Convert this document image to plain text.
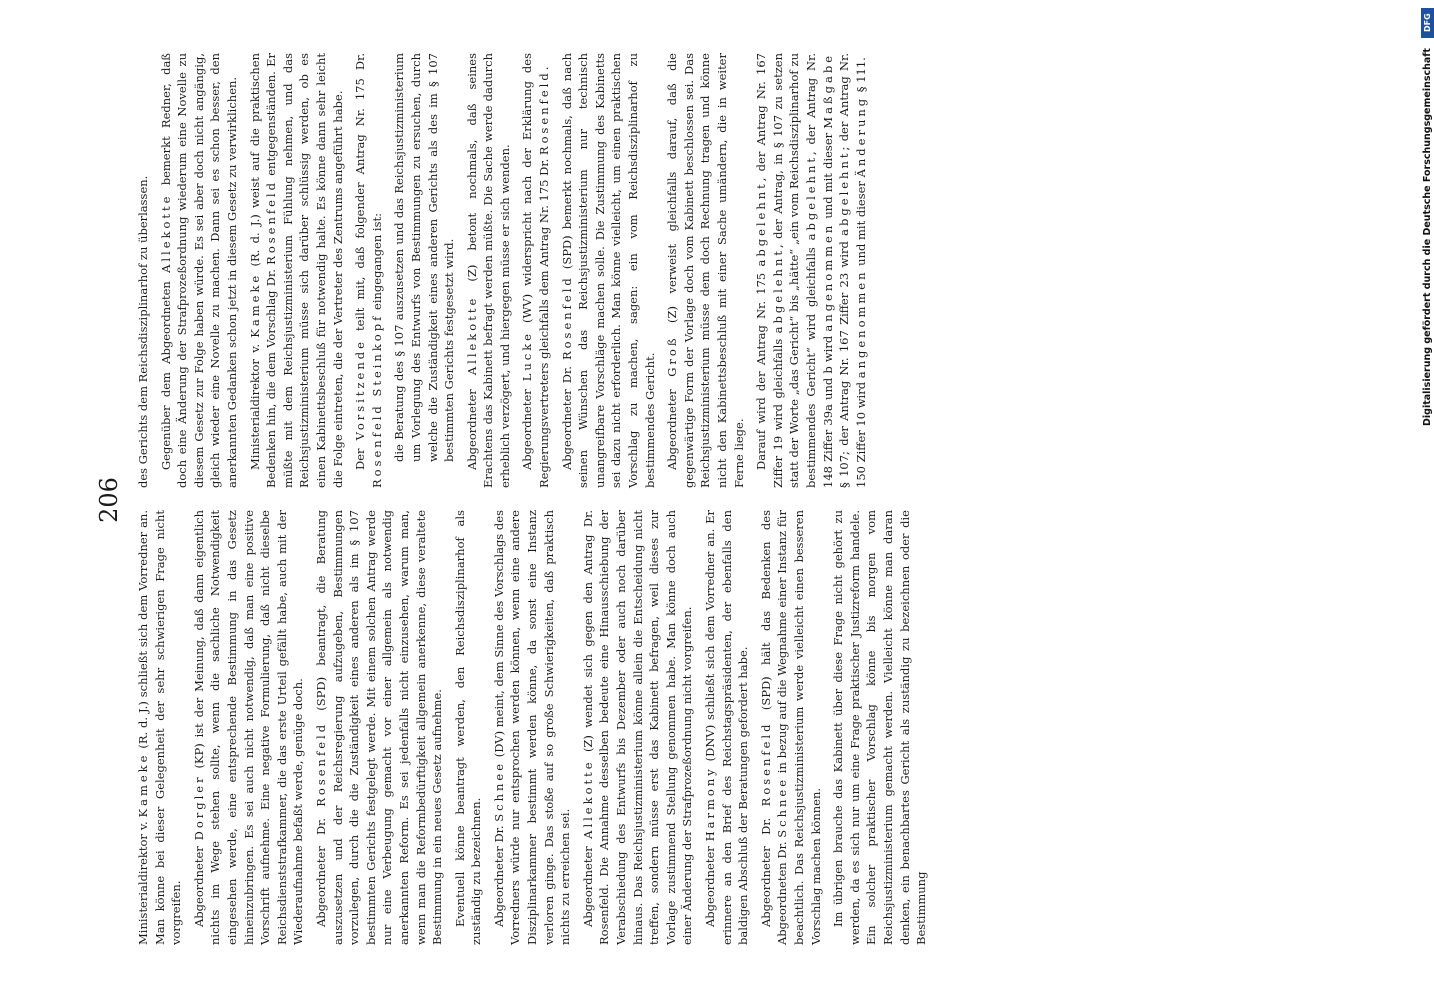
206

Ministerialdirektor v. Kameke (R. d. J.) schließt sich dem Vorredner an. Man könne bei dieser Gelegenheit der sehr schwierigen Frage nicht vorgreifen. Abgeordneter Dorgler (KP) ist der Meinung, daß dann eigentlich nichts im Wege stehen sollte, wenn die sachliche Notwendigkeit eingesehen werde, eine entsprechende Bestimmung in das Gesetz hineinzubringen. Es sei auch nicht notwendig, daß man eine positive Vorschrift aufnehme. Eine negative Formulierung, daß nicht dieselbe Reichsdienststrafkammer, die das erste Urteil gefällt habe, auch mit der Wiederaufnahme befaßt werde, genüge doch. Abgeordneter Dr. Rosenfeld (SPD) beantragt, die Beratung auszusetzen und der Reichsregierung aufzugeben, Bestimmungen vorzulegen, durch die die Zuständigkeit eines anderen als im § 107 bestimmten Gerichts festgelegt werde. Mit einem solchen Antrag werde nur eine Verbeugung gemacht vor einer allgemein als notwendig anerkannten Reform. Es sei jedenfalls nicht einzusehen, warum man, wenn man die Reformbedürftigkeit allgemein anerkenne, diese veraltete Bestimmung in ein neues Gesetz aufnehme. Eventuell könne beantragt werden, den Reichsdisziplinarhof als zuständig zu bezeichnen. Abgeordneter Dr. Schnee (DV) meint, dem Sinne des Vorschlags des Vorredners würde nur entsprochen werden können, wenn eine andere Disziplinarkammer bestimmt werden könne, da sonst eine Instanz verloren ginge. Das stoße auf so große Schwierigkeiten, daß praktisch nichts zu erreichen sei. Abgeordneter Allekotte (Z) wendet sich gegen den Antrag Dr. Rosenfeld. Die Annahme desselben bedeute eine Hinausschiebung der Verabschiedung des Entwurfs bis Dezember oder auch noch darüber hinaus. Das Reichsjustizministerium könne allein die Entscheidung nicht treffen, sondern müsse erst das Kabinett befragen, weil dieses zur Vorlage zustimmend Stellung genommen habe. Man könne doch auch einer Änderung der Strafprozeßordnung nicht vorgreifen. Abgeordneter Harmony (DNV) schließt sich dem Vorredner an. Er erinnere an den Brief des Reichstagspräsidenten, der ebenfalls den baldigen Abschluß der Beratungen gefordert habe. Abgeordneter Dr. Rosenfeld (SPD) hält das Bedenken des Abgeordneten Dr. Schnee in bezug auf die Wegnahme einer Instanz für beachtlich. Das Reichsjustizministerium werde vielleicht einen besseren Vorschlag machen können. Im übrigen brauche das Kabinett über diese Frage nicht gehört zu werden, da es sich nur um eine Frage praktischer Justizreform handele. Ein solcher praktischer Vorschlag könne bis morgen vom Reichsjustizministerium gemacht werden. Vielleicht könne man daran denken, ein benachbartes Gericht als zuständig zu bezeichnen oder die Bestimmung

des Gerichts dem Reichsdisziplinarhof zu überlassen. Gegenüber dem Abgeordneten Allekotte bemerkt Redner, daß doch eine Änderung der Strafprozeßordnung wiederum eine Novelle zu diesem Gesetz zur Folge haben würde. Es sei aber doch nicht angängig, gleich wieder eine Novelle zu machen. Dann sei es schon besser, den anerkannten Gedanken schon jetzt in diesem Gesetz zu verwirklichen. Ministerialdirektor v. Kameke (R. d. J.) weist auf die praktischen Bedenken hin, die dem Vorschlag Dr. Rosenfeld entgegenständen. Er müßte mit dem Reichsjustizministerium Fühlung nehmen, und das Reichsjustizministerium müsse sich darüber schlüssig werden, ob es einen Kabinettsbeschluß für notwendig halte. Es könne dann sehr leicht die Folge eintreten, die der Vertreter des Zentrums angeführt habe. Der Vorsitzende teilt mit, daß folgender Antrag Nr. 175 Dr. Rosenfeld Steinkopf eingegangen ist: die Beratung des § 107 auszusetzen und das Reichsjustizministerium um Vorlegung des Entwurfs von Bestimmungen zu ersuchen, durch welche die Zuständigkeit eines anderen Gerichts als des im § 107 bestimmten Gerichts festgesetzt wird. Abgeordneter Allekotte (Z) betont nochmals, daß seines Erachtens das Kabinett befragt werden müßte. Die Sache werde dadurch erheblich verzögert, und hiergegen müsse er sich wenden. Abgeordneter Lucke (WV) widerspricht nach der Erklärung des Regierungsvertreters gleichfalls dem Antrag Nr. 175 Dr. Rosenfeld.

Abgeordneter Dr. Rosenfeld (SPD) bemerkt nochmals, daß nach seinen Wünschen das Reichsjustizministerium nur technisch unangreifbare Vorschläge machen solle. Die Zustimmung des Kabinetts sei dazu nicht erforderlich. Man könne vielleicht, um einen praktischen Vorschlag zu machen, sagen: ein vom Reichsdisziplinarhof zu bestimmendes Gericht. Abgeordneter Groß (Z) verweist gleichfalls darauf, daß die gegenwärtige Form der Vorlage doch vom Kabinett beschlossen sei. Das Reichsjustizministerium müsse dem doch Rechnung tragen und könne nicht den Kabinettsbeschluß mit einer Sache umändern, die in weiter Ferne liege. Darauf wird der Antrag Nr. 175 abgelehnt, der Antrag Nr. 167 Ziffer 19 wird gleichfalls abgelehnt, der Antrag, in § 107 zu setzen statt der Worte „das Gericht“ bis „hätte“ „ein vom Reichsdisziplinarhof zu bestimmendes Gericht“ wird gleichfalls abgelehnt, der Antrag Nr. 148 Ziffer 39a und b wird angenommen und mit dieser Maßgabe § 107; der Antrag Nr. 167 Ziffer 23 wird abgelehnt; der Antrag Nr. 150 Ziffer 10 wird angenommen und mit dieser Änderung § 111.

DFG
Digitalisierung gefördert durch die Deutsche Forschungsgemeinschaft
